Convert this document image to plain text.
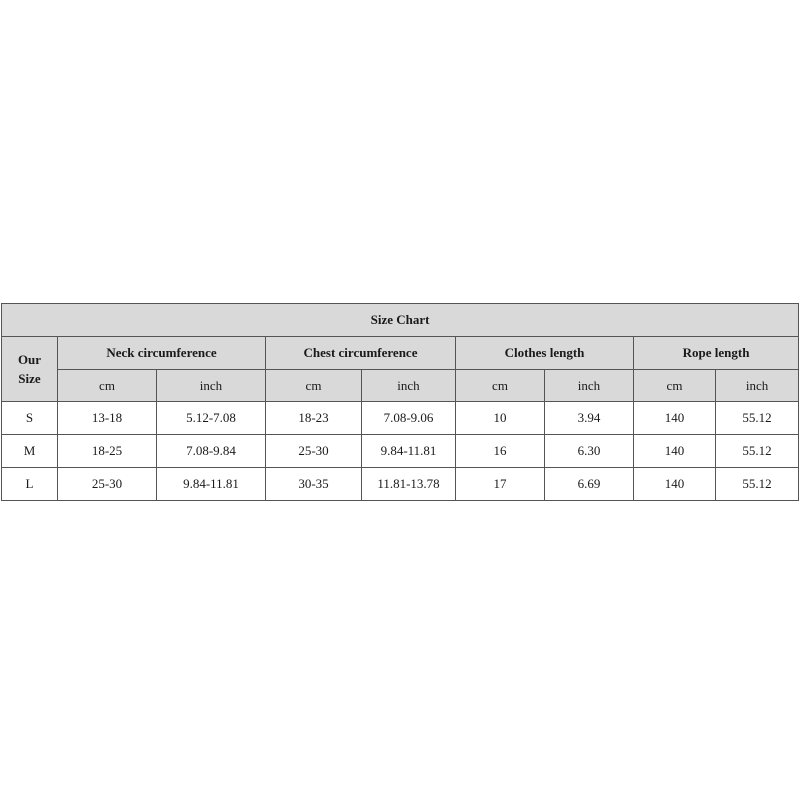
Size Chart								
Our
Size	Neck circumference		Chest circumference		Clothes length		Rope length	
	cm	inch	cm	inch	cm	inch	cm	inch
S	13-18	5.12-7.08	18-23	7.08-9.06	10	3.94	140	55.12
M	18-25	7.08-9.84	25-30	9.84-11.81	16	6.30	140	55.12
L	25-30	9.84-11.81	30-35	11.81-13.78	17	6.69	140	55.12
